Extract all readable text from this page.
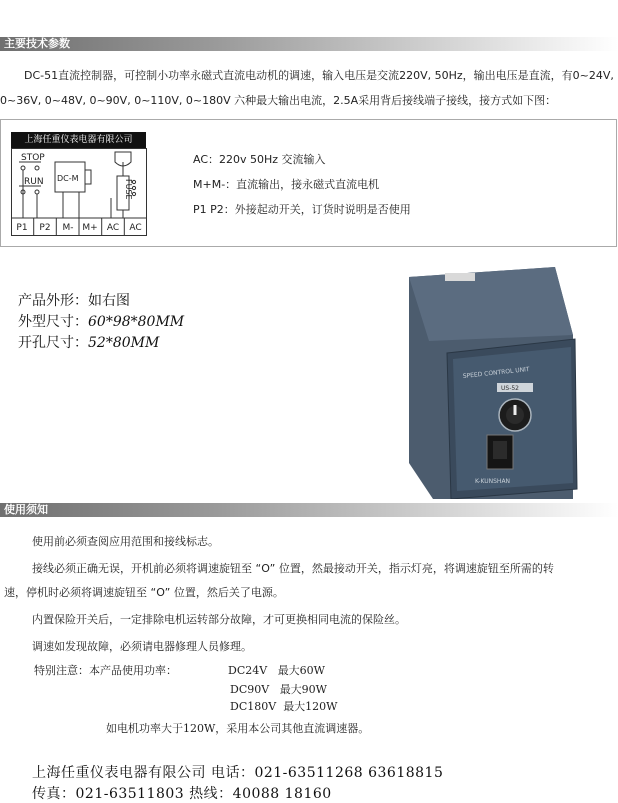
主要技术参数
DC-51直流控制器，可控制小功率永磁式直流电动机的调速，输入电压是交流220V, 50Hz，输出电压是直流，有0~24V,
0~36V, 0~48V, 0~90V, 0~110V, 0~180V 六种最大输出电流，2.5A采用背后接线端子接线，接方式如下图：
上海任重仪表电器有限公司
STOP
RUN DC-M
FUSE
P1 P2 M- M+ AC AC
AC：220v 50Hz 交流输入
M+M-：直流输出，接永磁式直流电机
P1 P2：外接起动开关，订货时说明是否使用
产品外形：如右图
外型尺寸：60*98*80MM
开孔尺寸：52*80MM
SPEED CONTROL UNIT
US-52
K-KUNSHAN
使用须知
使用前必须查阅应用范围和接线标志。
接线必须正确无误，开机前必须将调速旋钮至 “O” 位置，然最接动开关，指示灯亮，将调速旋钮至所需的转
速，停机时必须将调速旋钮至 “O” 位置，然后关了电源。
内置保险开关后，一定排除电机运转部分故障，才可更换相同电流的保险丝。
调速如发现故障，必须请电器修理人员修理。
特别注意：本产品使用功率：	DC24V 最大60W
DC90V 最大90W
DC180V 最大120W
如电机功率大于120W，采用本公司其他直流调速器。
上海任重仪表电器有限公司 电话：021-63511268 63618815
传真：021-63511803 热线：40088 18160
